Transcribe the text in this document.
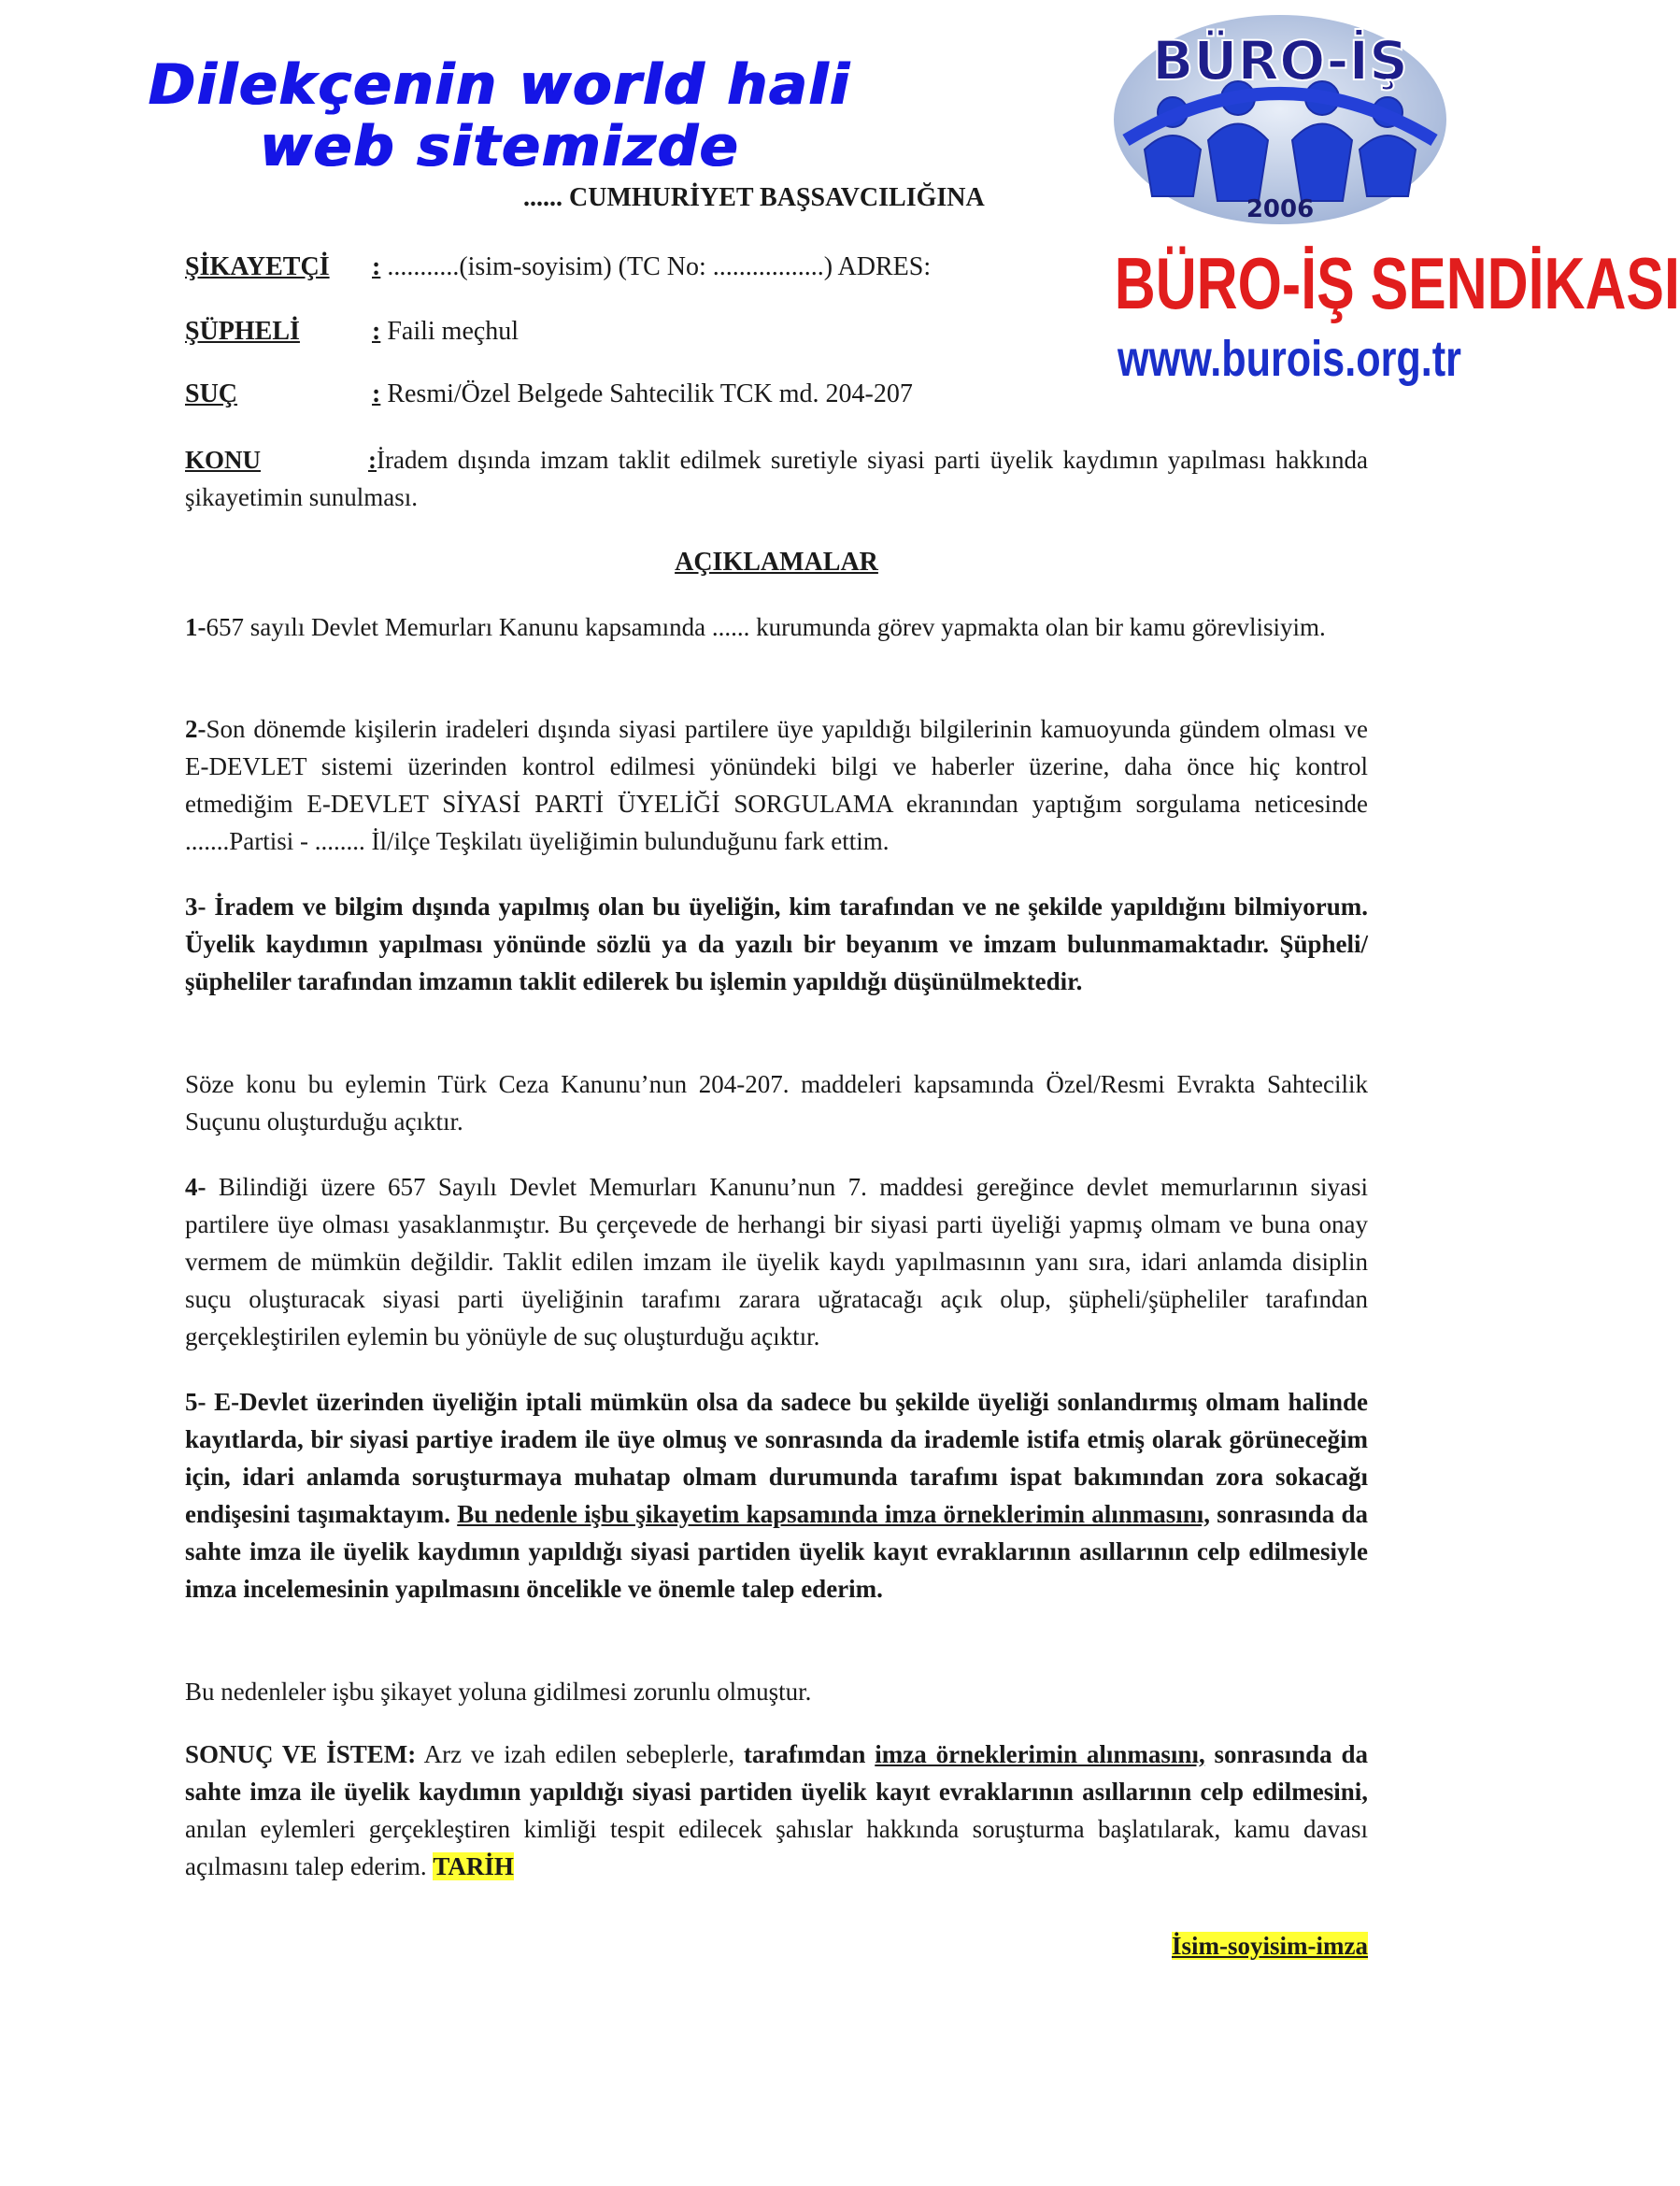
Dilekçenin world hali
web sitemizde
BÜRO-İŞ
2006
BÜRO-İŞ SENDİKASI
www.burois.org.tr
...... CUMHURİYET BAŞSAVCILIĞINA
ŞİKAYETÇİ : ...........(isim-soyisim) (TC No: .................) ADRES:
ŞÜPHELİ	: Faili meçhul
SUÇ	: Resmi/Özel Belgede Sahtecilik TCK md. 204-207
KONU	:İradem dışında imzam taklit edilmek suretiyle siyasi parti üyelik kaydımın yapılması hakkında şikayetimin sunulması.
AÇIKLAMALAR
1-657 sayılı Devlet Memurları Kanunu kapsamında ...... kurumunda görev yapmakta olan bir kamu görevlisiyim.
2-Son dönemde kişilerin iradeleri dışında siyasi partilere üye yapıldığı bilgilerinin kamuoyunda gündem olması ve E-DEVLET sistemi üzerinden kontrol edilmesi yönündeki bilgi ve haberler üzerine, daha önce hiç kontrol etmediğim E-DEVLET SİYASİ PARTİ ÜYELİĞİ SORGULAMA ekranından yaptığım sorgulama neticesinde .......Partisi - ........ İl/ilçe Teşkilatı üyeliğimin bulunduğunu fark ettim.
3- İradem ve bilgim dışında yapılmış olan bu üyeliğin, kim tarafından ve ne şekilde yapıldığını bilmiyorum. Üyelik kaydımın yapılması yönünde sözlü ya da yazılı bir beyanım ve imzam bulunmamaktadır. Şüpheli/şüpheliler tarafından imzamın taklit edilerek bu işlemin yapıldığı düşünülmektedir.
Söze konu bu eylemin Türk Ceza Kanunu’nun 204-207. maddeleri kapsamında Özel/Resmi Evrakta Sahtecilik Suçunu oluşturduğu açıktır.
4- Bilindiği üzere 657 Sayılı Devlet Memurları Kanunu’nun 7. maddesi gereğince devlet memurlarının siyasi partilere üye olması yasaklanmıştır. Bu çerçevede de herhangi bir siyasi parti üyeliği yapmış olmam ve buna onay vermem de mümkün değildir. Taklit edilen imzam ile üyelik kaydı yapılmasının yanı sıra, idari anlamda disiplin suçu oluşturacak siyasi parti üyeliğinin tarafımı zarara uğratacağı açık olup, şüpheli/şüpheliler tarafından gerçekleştirilen eylemin bu yönüyle de suç oluşturduğu açıktır.
5- E-Devlet üzerinden üyeliğin iptali mümkün olsa da sadece bu şekilde üyeliği sonlandırmış olmam halinde kayıtlarda, bir siyasi partiye iradem ile üye olmuş ve sonrasında da irademle istifa etmiş olarak görüneceğim için, idari anlamda soruşturmaya muhatap olmam durumunda tarafımı ispat bakımından zora sokacağı endişesini taşımaktayım. Bu nedenle işbu şikayetim kapsamında imza örneklerimin alınmasını, sonrasında da sahte imza ile üyelik kaydımın yapıldığı siyasi partiden üyelik kayıt evraklarının asıllarının celp edilmesiyle imza incelemesinin yapılmasını öncelikle ve önemle talep ederim.
Bu nedenleler işbu şikayet yoluna gidilmesi zorunlu olmuştur.
SONUÇ VE İSTEM: Arz ve izah edilen sebeplerle, tarafımdan imza örneklerimin alınmasını, sonrasında da sahte imza ile üyelik kaydımın yapıldığı siyasi partiden üyelik kayıt evraklarının asıllarının celp edilmesini, anılan eylemleri gerçekleştiren kimliği tespit edilecek şahıslar hakkında soruşturma başlatılarak, kamu davası açılmasını talep ederim. TARİH
İsim-soyisim-imza
